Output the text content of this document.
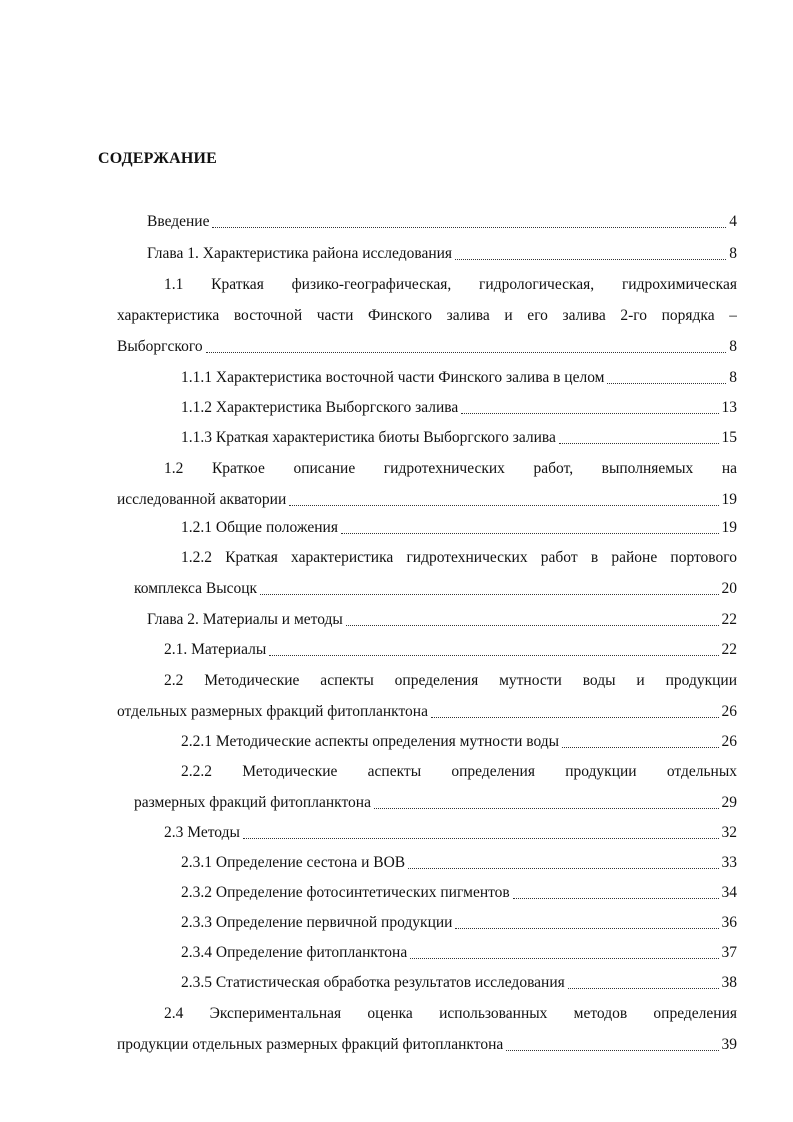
СОДЕРЖАНИЕ
Введение	4
Глава 1. Характеристика района исследования	8
1.1 Краткая физико-географическая, гидрологическая, гидрохимическая
характеристика восточной части Финского залива и его залива 2-го порядка –
Выборгского	8
1.1.1 Характеристика восточной части Финского залива в целом	8
1.1.2 Характеристика Выборгского залива	13
1.1.3 Краткая характеристика биоты Выборгского залива	15
1.2 Краткое описание гидротехнических работ, выполняемых на
исследованной акватории	19
1.2.1 Общие положения	19
1.2.2 Краткая характеристика гидротехнических работ в районе портового
комплекса Высоцк	20
Глава 2. Материалы и методы	22
2.1. Материалы	22
2.2 Методические аспекты определения мутности воды и продукции
отдельных размерных фракций фитопланктона	26
2.2.1 Методические аспекты определения мутности воды	26
2.2.2 Методические аспекты определения продукции отдельных
размерных фракций фитопланктона	29
2.3 Методы	32
2.3.1 Определение сестона и ВОВ	33
2.3.2 Определение фотосинтетических пигментов	34
2.3.3 Определение первичной продукции	36
2.3.4 Определение фитопланктона	37
2.3.5 Статистическая обработка результатов исследования	38
2.4 Экспериментальная оценка использованных методов определения
продукции отдельных размерных фракций фитопланктона	39
